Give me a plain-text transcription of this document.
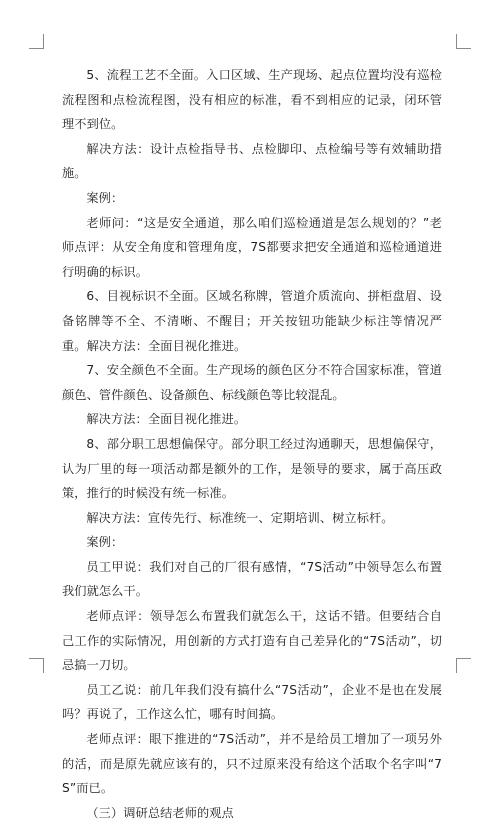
5、流程工艺不全面。入口区域、生产现场、起点位置均没有巡检流程图和点检流程图，没有相应的标准，看不到相应的记录，闭环管理不到位。

解决方法：设计点检指导书、点检脚印、点检编号等有效辅助措施。

案例：

老师问：“这是安全通道，那么咱们巡检通道是怎么规划的？”老师点评：从安全角度和管理角度，7S都要求把安全通道和巡检通道进行明确的标识。

6、目视标识不全面。区域名称牌，管道介质流向、拼柜盘眉、设备铭牌等不全、不清晰、不醒目；开关按钮功能缺少标注等情况严重。解决方法：全面目视化推进。

7、安全颜色不全面。生产现场的颜色区分不符合国家标准，管道颜色、管件颜色、设备颜色、标线颜色等比较混乱。

解决方法：全面目视化推进。

8、部分职工思想偏保守。部分职工经过沟通聊天，思想偏保守，认为厂里的每一项活动都是额外的工作，是领导的要求，属于高压政策，推行的时候没有统一标准。

解决方法：宣传先行、标准统一、定期培训、树立标杆。

案例：

员工甲说：我们对自己的厂很有感情，“7S活动”中领导怎么布置我们就怎么干。

老师点评：领导怎么布置我们就怎么干，这话不错。但要结合自己工作的实际情况，用创新的方式打造有自己差异化的“7S活动”，切忌搞一刀切。

员工乙说：前几年我们没有搞什么“7S活动”，企业不是也在发展吗？再说了，工作这么忙，哪有时间搞。

老师点评：眼下推进的“7S活动”，并不是给员工增加了一项另外的活，而是原先就应该有的，只不过原来没有给这个活取个名字叫“7S”而已。

（三）调研总结老师的观点
